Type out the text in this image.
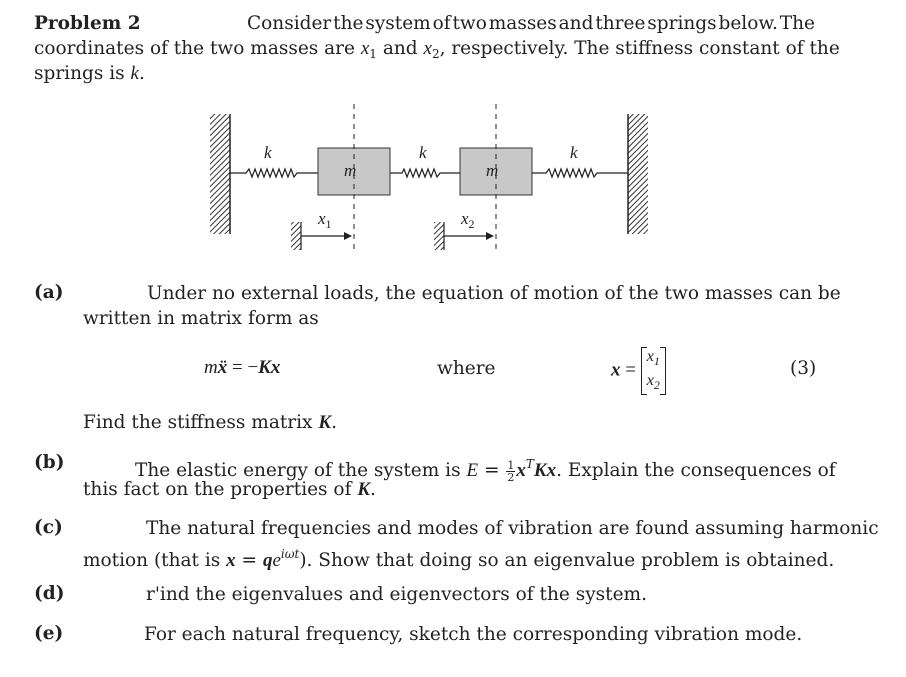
Problem 2	Consider the system of two masses and three springs below. The
coordinates of the two masses are $x_1$ and $x_2$, respectively. The stiffness constant of the
springs is k.
k	k	k
m	m
$x_1$	$x_2$
(a)	Under no external loads, the equation of motion of the two masses can be
written in matrix form as
mẍ = −Kx	where	x =
$x_1$
$x_2$
(3)
Find the stiffness matrix K.
(b)	The elastic energy of the system is $E = \frac{1}{2} x^TKx$. Explain the consequences of
this fact on the properties of K.
(c)	The natural frequencies and modes of vibration are found assuming harmonic
motion (that is $x = qe^{i\omega t}$). Show that doing so an eigenvalue problem is obtained.
(d)	r'ind the eigenvalues and eigenvectors of the system.
(e)	For each natural frequency, sketch the corresponding vibration mode.
